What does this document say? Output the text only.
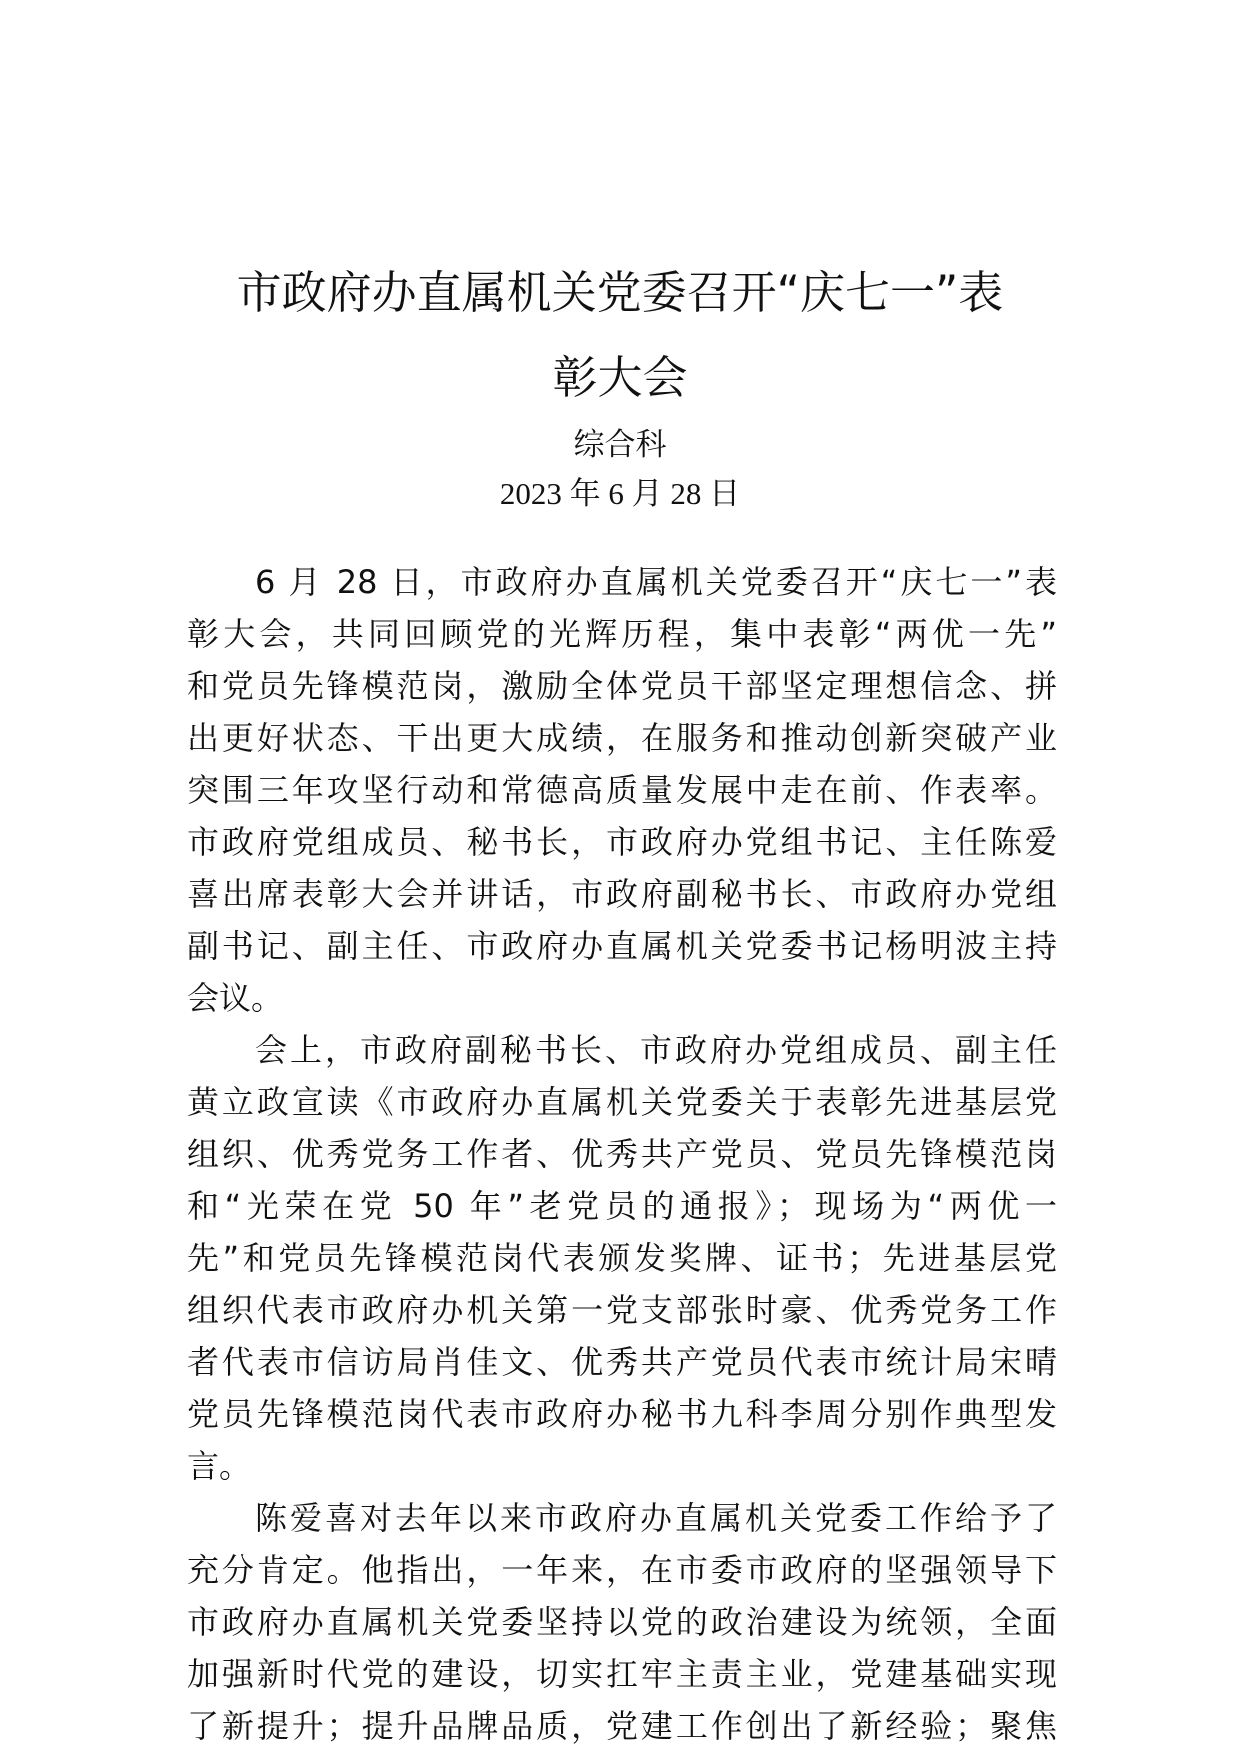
市政府办直属机关党委召开“庆七一”表
彰大会
综合科
2023 年 6 月 28 日
6 月 28 日，市政府办直属机关党委召开“庆七一”表
彰大会，共同回顾党的光辉历程，集中表彰“两优一先”
和党员先锋模范岗，激励全体党员干部坚定理想信念、拼
出更好状态、干出更大成绩，在服务和推动创新突破产业
突围三年攻坚行动和常德高质量发展中走在前、作表率。
市政府党组成员、秘书长，市政府办党组书记、主任陈爱
喜出席表彰大会并讲话，市政府副秘书长、市政府办党组
副书记、副主任、市政府办直属机关党委书记杨明波主持
会议。
会上，市政府副秘书长、市政府办党组成员、副主任
黄立政宣读《市政府办直属机关党委关于表彰先进基层党
组织、优秀党务工作者、优秀共产党员、党员先锋模范岗
和“光荣在党 50 年”老党员的通报》；现场为“两优一
先”和党员先锋模范岗代表颁发奖牌、证书；先进基层党
组织代表市政府办机关第一党支部张时豪、优秀党务工作
者代表市信访局肖佳文、优秀共产党员代表市统计局宋晴
党员先锋模范岗代表市政府办秘书九科李周分别作典型发
言。
陈爱喜对去年以来市政府办直属机关党委工作给予了
充分肯定。他指出，一年来，在市委市政府的坚强领导下
市政府办直属机关党委坚持以党的政治建设为统领，全面
加强新时代党的建设，切实扛牢主责主业，党建基础实现
了新提升；提升品牌品质，党建工作创出了新经验；聚焦
